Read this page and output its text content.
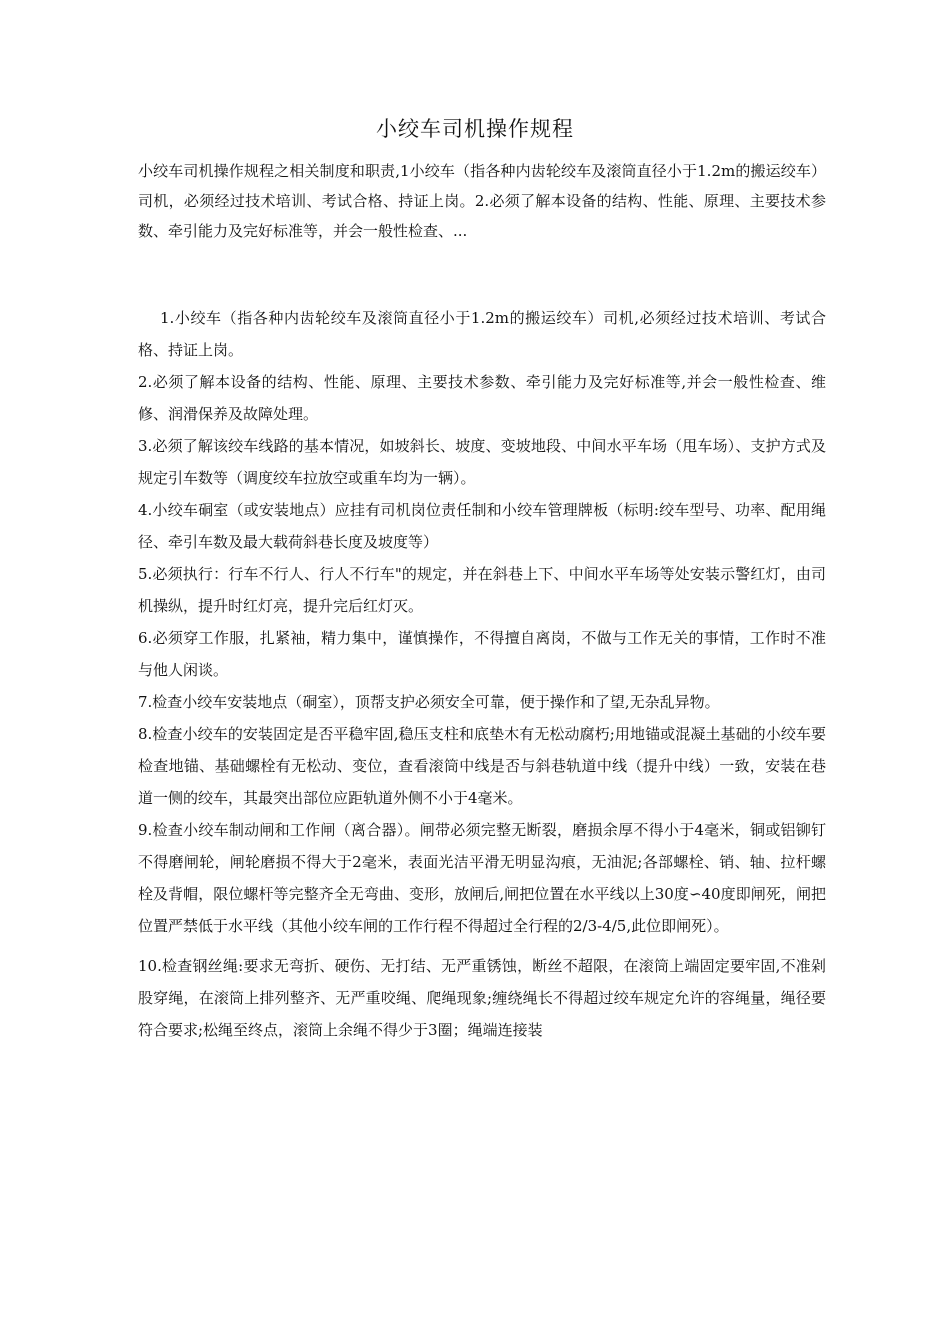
小绞车司机操作规程
小绞车司机操作规程之相关制度和职责,1小绞车（指各种内齿轮绞车及滚筒直径小于1.2m的搬运绞车）司机，必须经过技术培训、考试合格、持证上岗。2.必须了解本设备的结构、性能、原理、主要技术参数、牵引能力及完好标准等，并会一般性检查、...

1.小绞车（指各种内齿轮绞车及滚筒直径小于1.2m的搬运绞车）司机,必须经过技术培训、考试合格、持证上岗。

2.必须了解本设备的结构、性能、原理、主要技术参数、牵引能力及完好标准等,并会一般性检查、维修、润滑保养及故障处理。

3.必须了解该绞车线路的基本情况，如坡斜长、坡度、变坡地段、中间水平车场（甩车场）、支护方式及规定引车数等（调度绞车拉放空或重车均为一辆）。

4.小绞车硐室（或安装地点）应挂有司机岗位责任制和小绞车管理牌板（标明:绞车型号、功率、配用绳径、牵引车数及最大载荷斜巷长度及坡度等）

5.必须执行：行车不行人、行人不行车"的规定，并在斜巷上下、中间水平车场等处安装示警红灯，由司机操纵，提升时红灯亮，提升完后红灯灭。

6.必须穿工作服，扎紧袖，精力集中，谨慎操作，不得擅自离岗，不做与工作无关的事情，工作时不准与他人闲谈。

7.检查小绞车安装地点（硐室），顶帮支护必须安全可靠，便于操作和了望,无杂乱异物。

8.检查小绞车的安装固定是否平稳牢固,稳压支柱和底垫木有无松动腐朽;用地锚或混凝土基础的小绞车要检查地锚、基础螺栓有无松动、变位，查看滚筒中线是否与斜巷轨道中线（提升中线）一致，安装在巷道一侧的绞车，其最突出部位应距轨道外侧不小于4毫米。

9.检查小绞车制动闸和工作闸（离合器）。闸带必须完整无断裂，磨损余厚不得小于4毫米，铜或铝铆钉不得磨闸轮，闸轮磨损不得大于2毫米，表面光洁平滑无明显沟痕，无油泥;各部螺栓、销、轴、拉杆螺栓及背帽，限位螺杆等完整齐全无弯曲、变形，放闸后,闸把位置在水平线以上30度∽40度即闸死，闸把位置严禁低于水平线（其他小绞车闸的工作行程不得超过全行程的2/3-4/5,此位即闸死）。

10.检查钢丝绳:要求无弯折、硬伤、无打结、无严重锈蚀，断丝不超限，在滚筒上端固定要牢固,不准剁股穿绳，在滚筒上排列整齐、无严重咬绳、爬绳现象;缠绕绳长不得超过绞车规定允许的容绳量，绳径要符合要求;松绳至终点，滚筒上余绳不得少于3圈；绳端连接装
